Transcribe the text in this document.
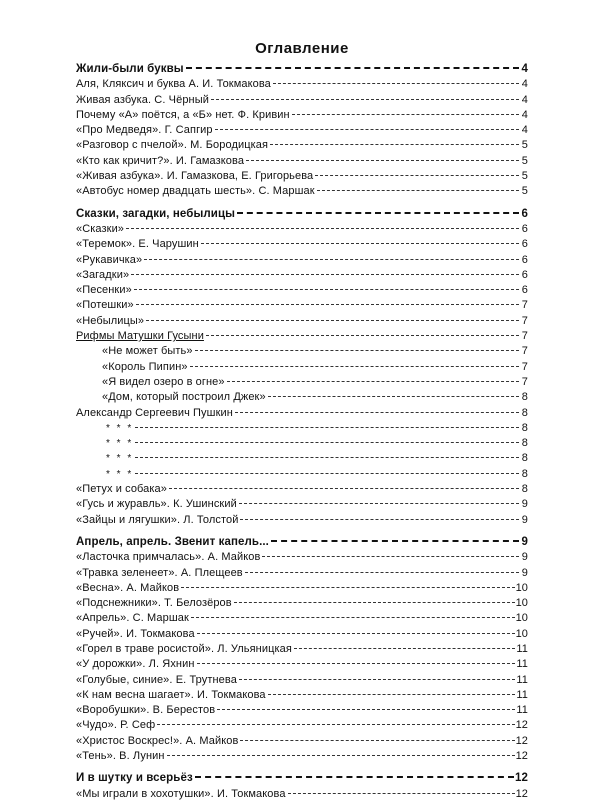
Оглавление
Жили-были буквы	4
Аля, Кляксич и буква А. И. Токмакова	4
Живая азбука. С. Чёрный	4
Почему «А» поётся, а «Б» нет. Ф. Кривин	4
«Про Медведя». Г. Сапгир	4
«Разговор с пчелой». М. Бородицкая	5
«Кто как кричит?». И. Гамазкова	5
«Живая азбука». И. Гамазкова, Е. Григорьева	5
«Автобус номер двадцать шесть». С. Маршак	5
Сказки, загадки, небылицы	6
«Сказки»	6
«Теремок». Е. Чарушин	6
«Рукавичка»	6
«Загадки»	6
«Песенки»	6
«Потешки»	7
«Небылицы»	7
Рифмы Матушки Гусыни	7
«Не может быть»	7
«Король Пипин»	7
«Я видел озеро в огне»	7
«Дом, который построил Джек»	8
Александр Сергеевич Пушкин	8
* * *	8
* * *	8
* * *	8
* * *	8
«Петух и собака»	8
«Гусь и журавль». К. Ушинский	9
«Зайцы и лягушки». Л. Толстой	9
Апрель, апрель. Звенит капель...	9
«Ласточка примчалась». А. Майков	9
«Травка зеленеет». А. Плещеев	9
«Весна». А. Майков	10
«Подснежники». Т. Белозёров	10
«Апрель». С. Маршак	10
«Ручей». И. Токмакова	10
«Горел в траве росистой». Л. Ульяницкая	11
«У дорожки». Л. Яхнин	11
«Голубые, синие». Е. Трутнева	11
«К нам весна шагает». И. Токмакова	11
«Воробушки». В. Берестов	11
«Чудо». Р. Сеф	12
«Христос Воскрес!». А. Майков	12
«Тень». В. Лунин	12
И в шутку и всерьёз	12
«Мы играли в хохотушки». И. Токмакова	12
